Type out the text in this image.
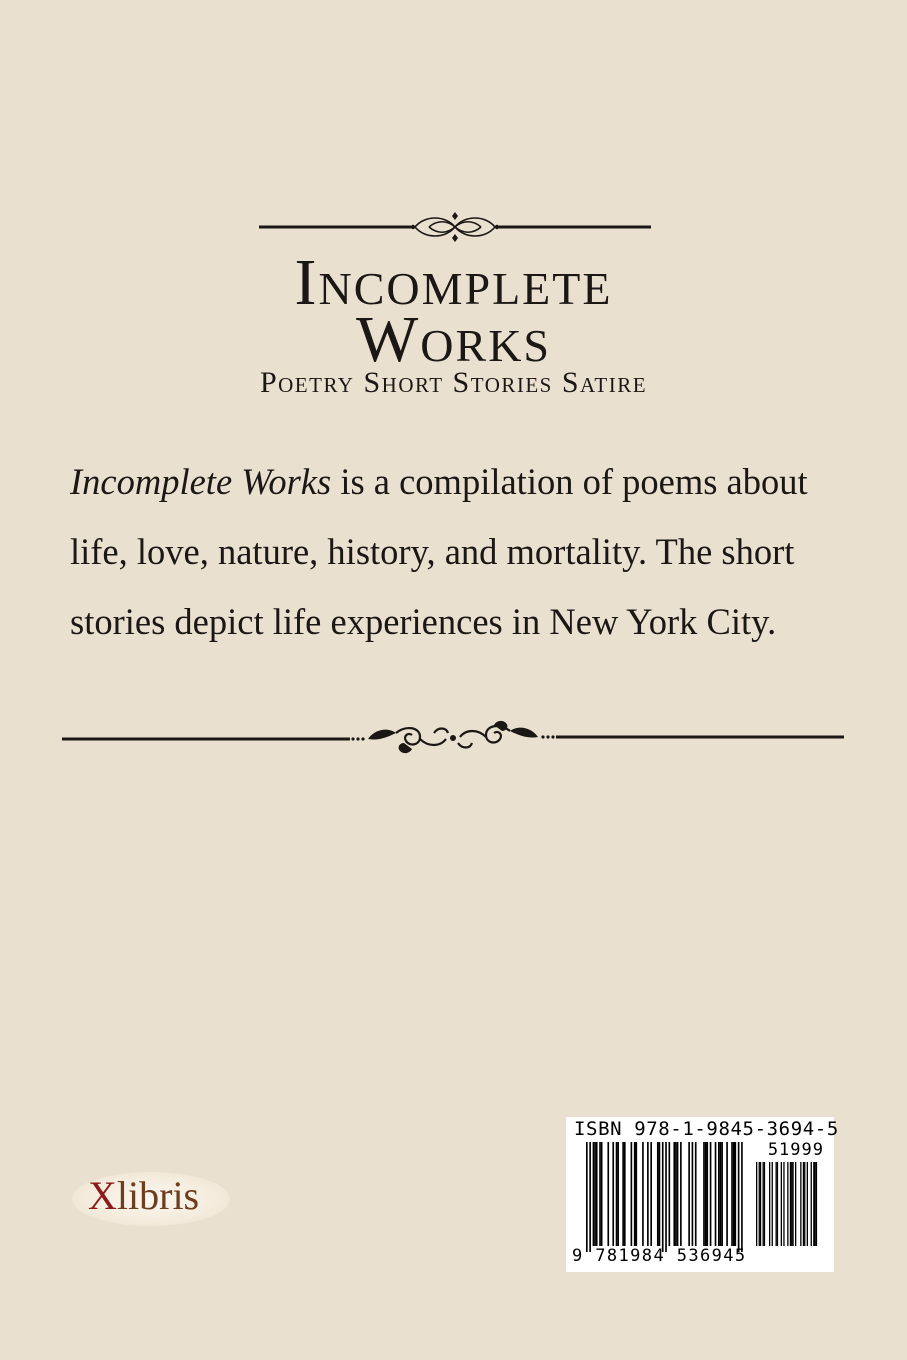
Incomplete
Works
Poetry Short Stories Satire

Incomplete Works is a compilation of poems about life, love, nature, history, and mortality. The short stories depict life experiences in New York City.

Xlibris
ISBN 978-1-9845-3694-5
51999
9 781984 536945
